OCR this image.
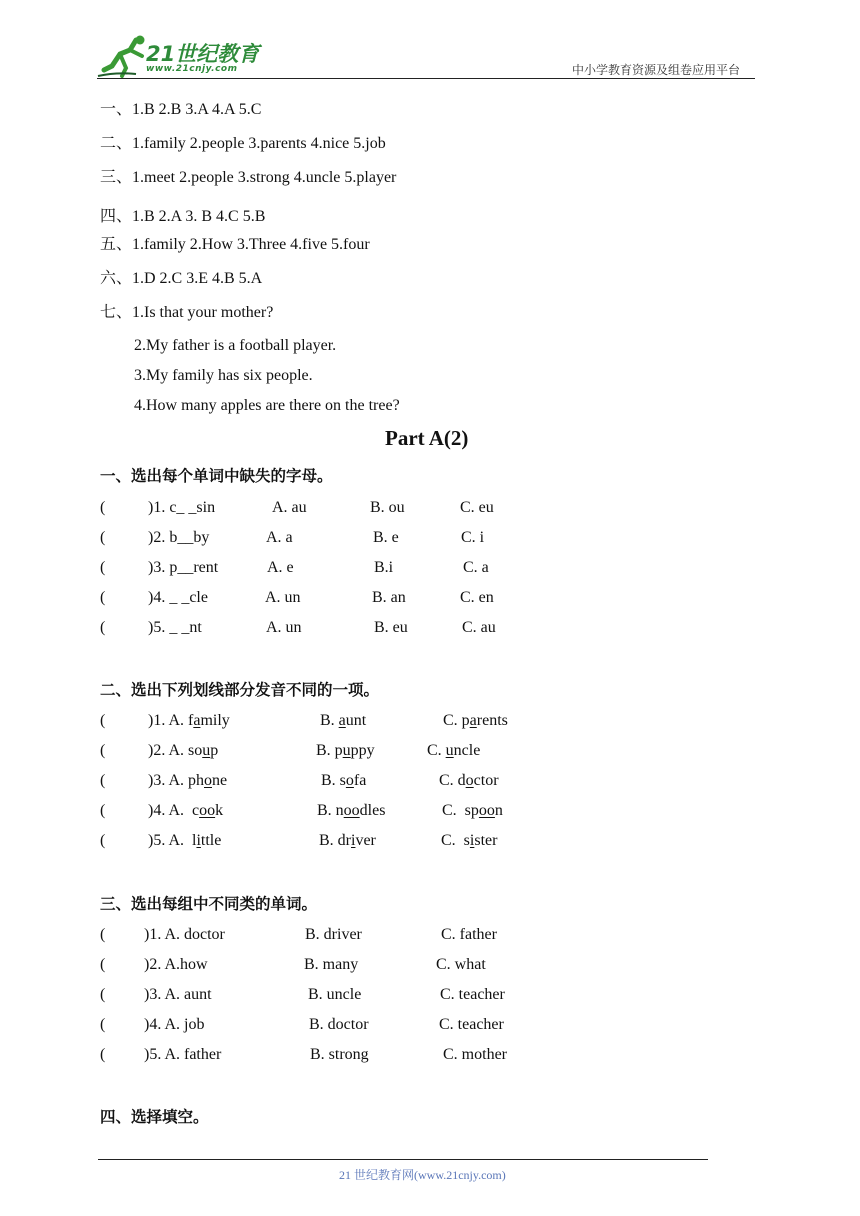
21世纪教育
www.21cnjy.com	中小学教育资源及组卷应用平台
一、1.B 2.B 3.A 4.A 5.C
二、1.family 2.people 3.parents 4.nice 5.job
三、1.meet 2.people 3.strong 4.uncle 5.player
四、1.B 2.A 3. B 4.C 5.B
五、1.family 2.How 3.Three 4.five 5.four
六、1.D 2.C 3.E 4.B 5.A
七、1.Is that your mother?
2.My father is a football player.
3.My family has six people.
4.How many apples are there on the tree?
Part A(2)
一、选出每个单词中缺失的字母。
(	)1. c_ _sin	A. au	B. ou	C. eu
(	)2. b__by	A. a	B. e	C. i
(	)3. p__rent	A. e	B.i	C. a
(	)4. _ _cle	A. un	B. an	C. en
(	)5. _ _nt	A. un	B. eu	C. au
二、选出下列划线部分发音不同的一项。
(	)1. A. family	B. aunt	C. parents
(	)2. A. soup	B. puppy	C. uncle
(	)3. A. phone	B. sofa	C. doctor
(	)4. A.  cook	B. noodles	C.  spoon
(	)5. A.  little	B. driver	C.  sister
三、选出每组中不同类的单词。
( )1. A. doctor	B. driver	C. father
( )2. A.how	B. many	C. what
( )3. A. aunt	B. uncle	C. teacher
( )4. A. job	B. doctor	C. teacher
( )5. A. father	B. strong	C. mother
四、选择填空。
21 世纪教育网(www.21cnjy.com)
